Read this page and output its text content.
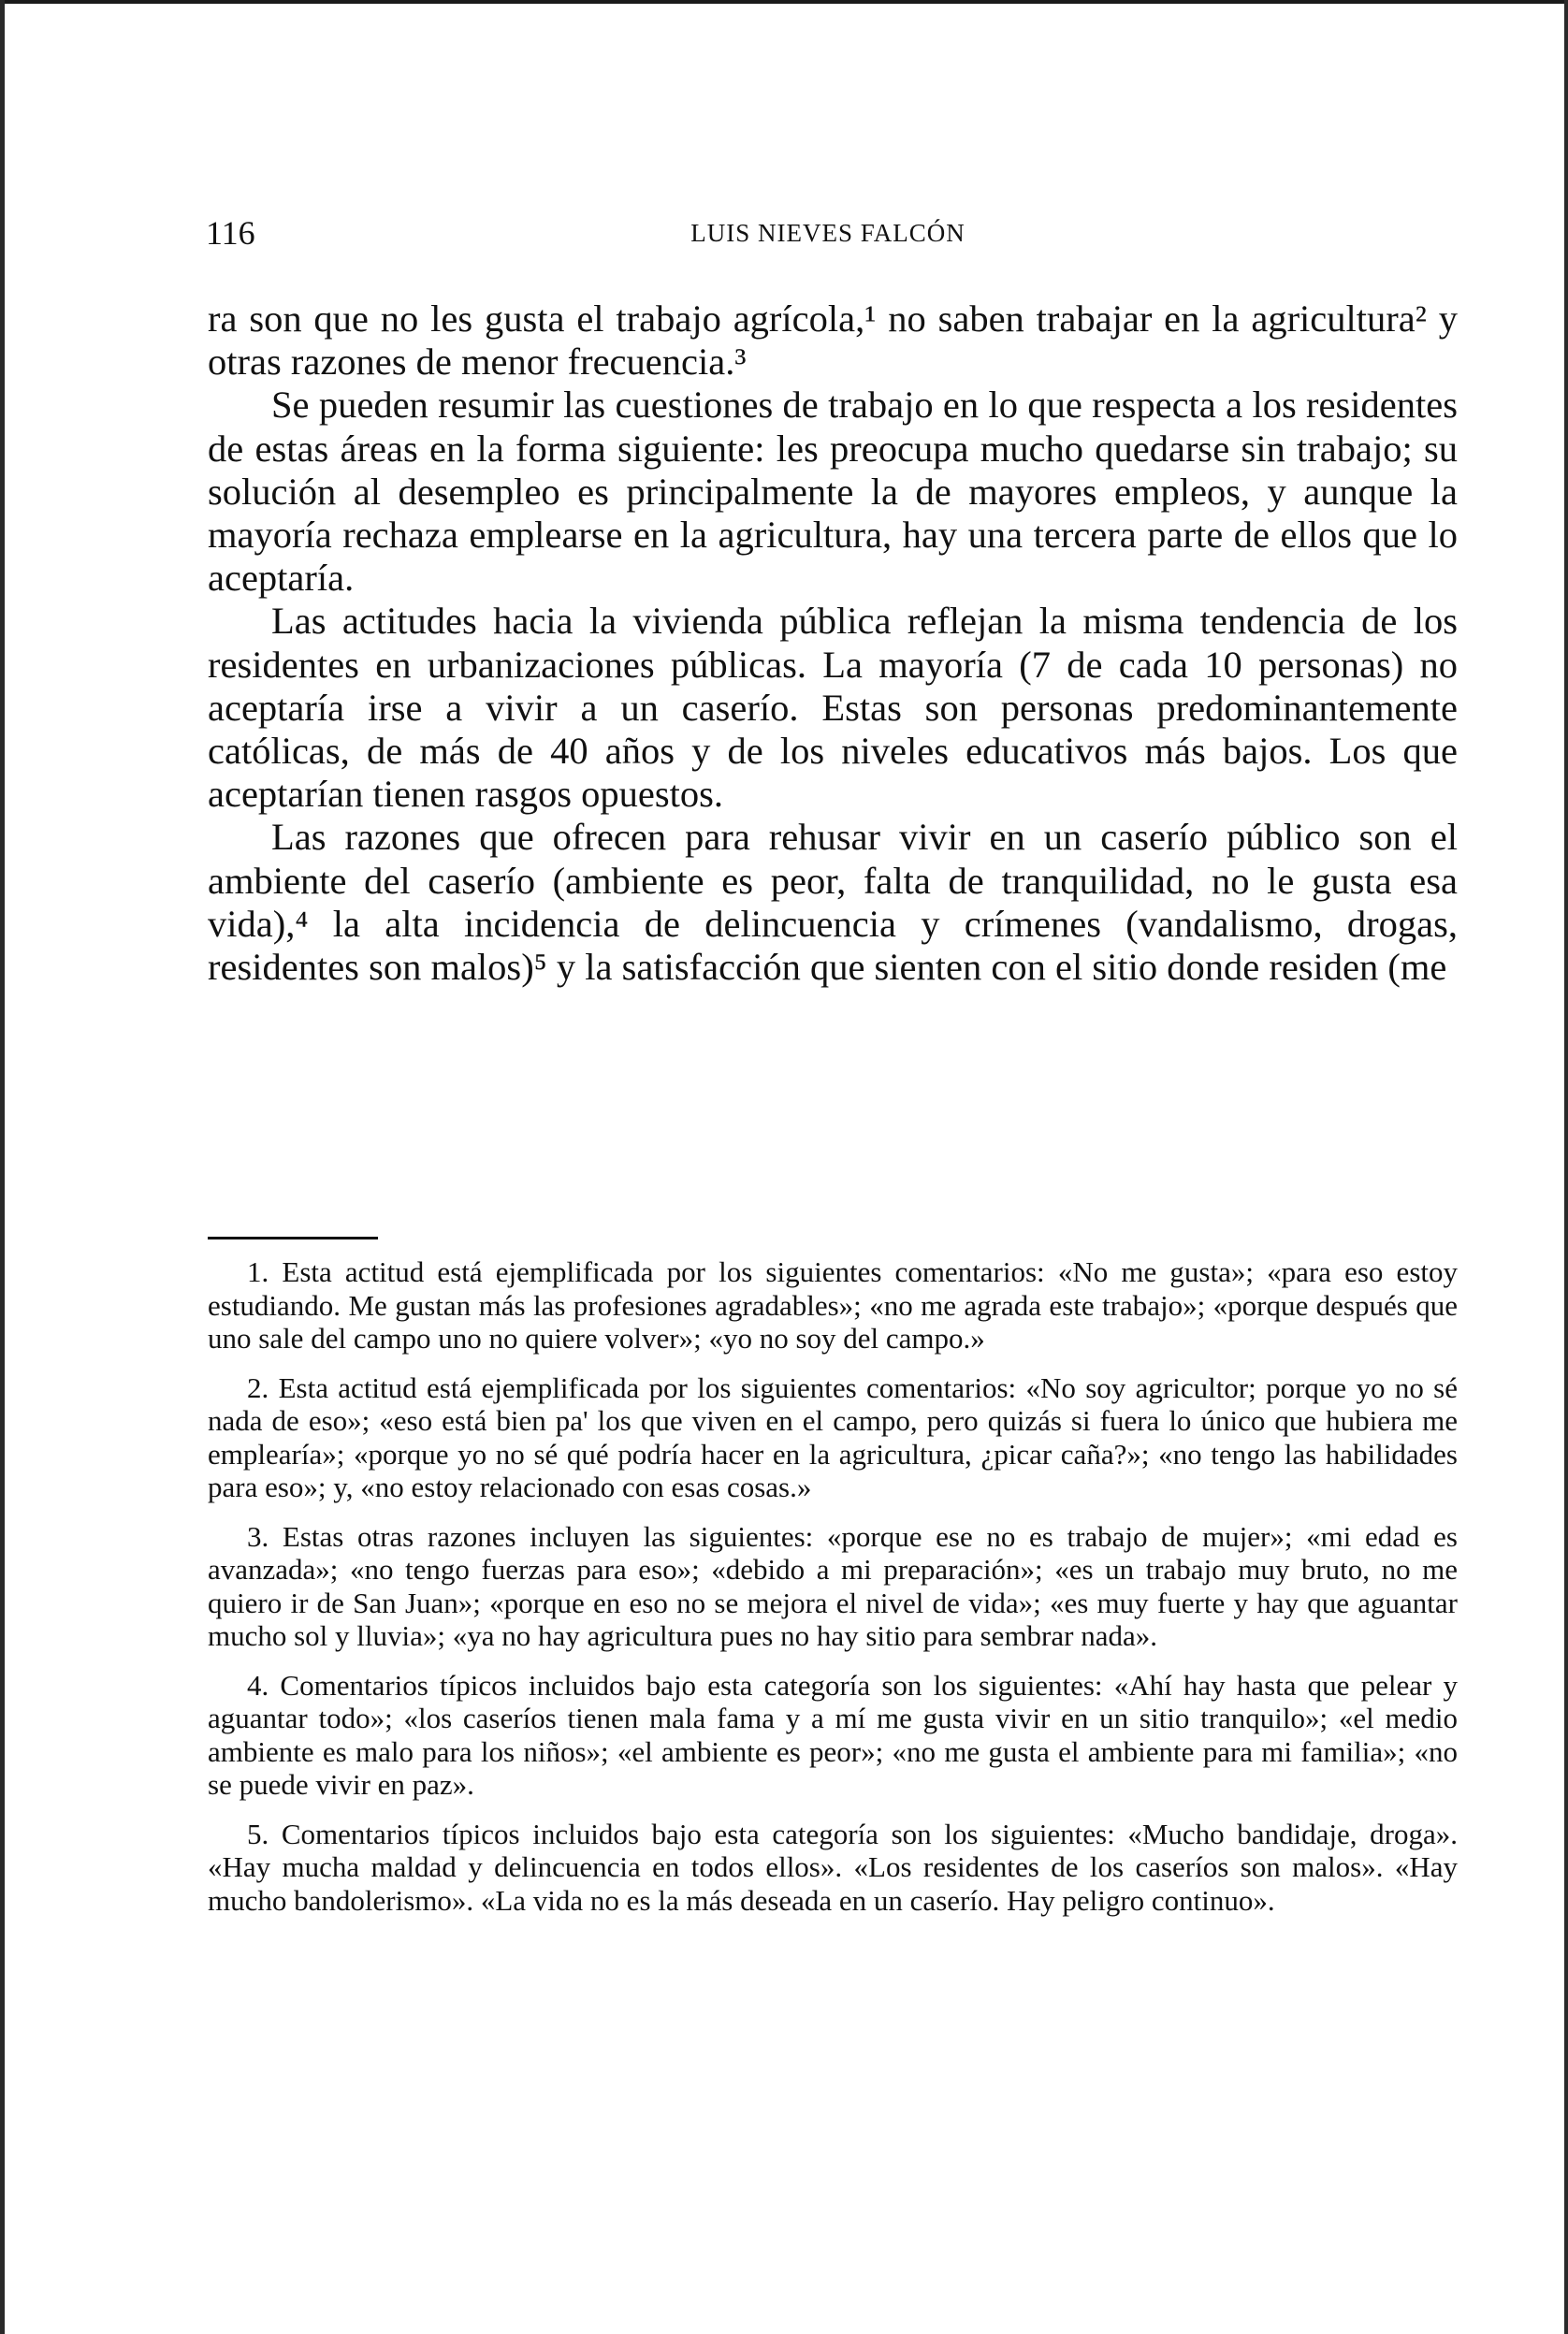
116	LUIS NIEVES FALCÓN

ra son que no les gusta el trabajo agrícola,¹ no saben trabajar en la agricultura² y otras razones de menor frecuencia.³

Se pueden resumir las cuestiones de trabajo en lo que respecta a los residentes de estas áreas en la forma siguiente: les preocupa mucho quedarse sin trabajo; su solución al desempleo es principalmente la de mayores empleos, y aunque la mayoría rechaza emplearse en la agricultura, hay una tercera parte de ellos que lo aceptaría.

Las actitudes hacia la vivienda pública reflejan la misma tendencia de los residentes en urbanizaciones públicas. La mayoría (7 de cada 10 personas) no aceptaría irse a vivir a un caserío. Estas son personas predominantemente católicas, de más de 40 años y de los niveles educativos más bajos. Los que aceptarían tienen rasgos opuestos.

Las razones que ofrecen para rehusar vivir en un caserío público son el ambiente del caserío (ambiente es peor, falta de tranquilidad, no le gusta esa vida),⁴ la alta incidencia de delincuencia y crímenes (vandalismo, drogas, residentes son malos)⁵ y la satisfacción que sienten con el sitio donde residen (me

1. Esta actitud está ejemplificada por los siguientes comentarios: «No me gusta»; «para eso estoy estudiando. Me gustan más las profesiones agradables»; «no me agrada este trabajo»; «porque después que uno sale del campo uno no quiere volver»; «yo no soy del campo.»

2. Esta actitud está ejemplificada por los siguientes comentarios: «No soy agricultor; porque yo no sé nada de eso»; «eso está bien pa' los que viven en el campo, pero quizás si fuera lo único que hubiera me emplearía»; «porque yo no sé qué podría hacer en la agricultura, ¿picar caña?»; «no tengo las habilidades para eso»; y, «no estoy relacionado con esas cosas.»

3. Estas otras razones incluyen las siguientes: «porque ese no es trabajo de mujer»; «mi edad es avanzada»; «no tengo fuerzas para eso»; «debido a mi preparación»; «es un trabajo muy bruto, no me quiero ir de San Juan»; «porque en eso no se mejora el nivel de vida»; «es muy fuerte y hay que aguantar mucho sol y lluvia»; «ya no hay agricultura pues no hay sitio para sembrar nada».

4. Comentarios típicos incluidos bajo esta categoría son los siguientes: «Ahí hay hasta que pelear y aguantar todo»; «los caseríos tienen mala fama y a mí me gusta vivir en un sitio tranquilo»; «el medio ambiente es malo para los niños»; «el ambiente es peor»; «no me gusta el ambiente para mi familia»; «no se puede vivir en paz».

5. Comentarios típicos incluidos bajo esta categoría son los siguientes: «Mucho bandidaje, droga». «Hay mucha maldad y delincuencia en todos ellos». «Los residentes de los caseríos son malos». «Hay mucho bandolerismo». «La vida no es la más deseada en un caserío. Hay peligro continuo».
